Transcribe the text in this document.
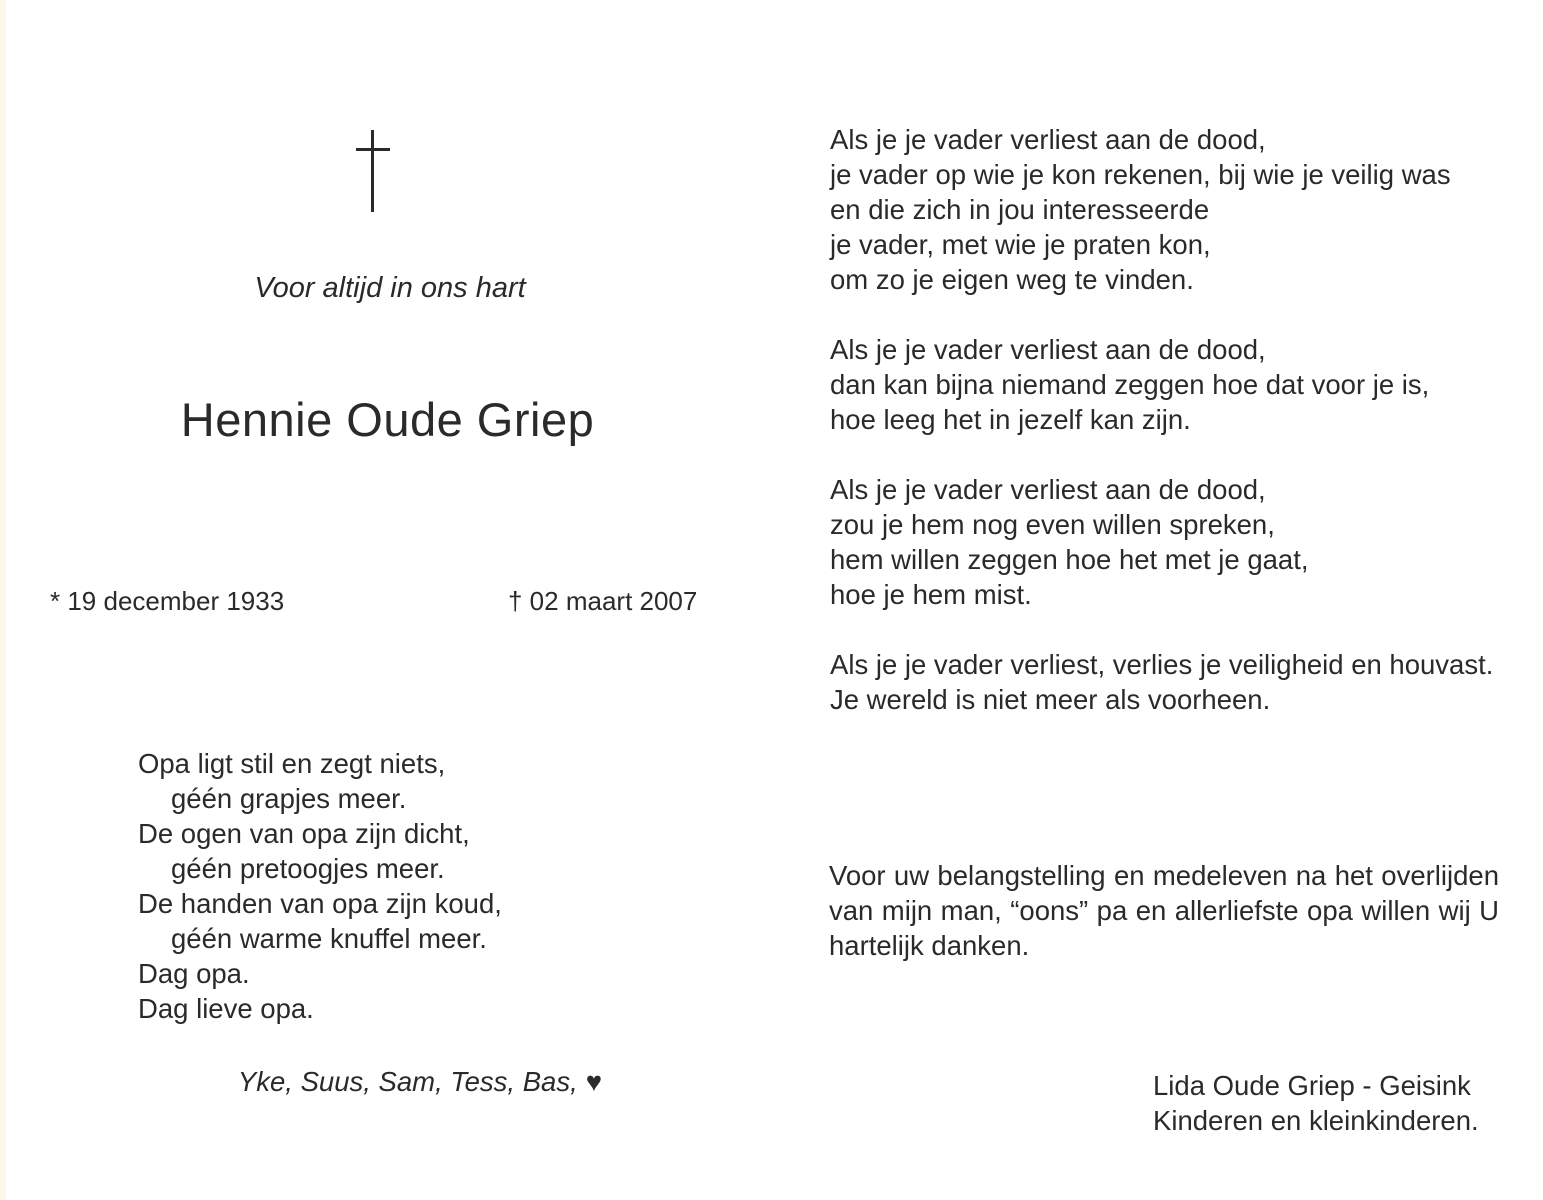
Voor altijd in ons hart
Hennie Oude Griep
* 19 december 1933	† 02 maart 2007
Opa ligt stil en zegt niets,
géén grapjes meer.
De ogen van opa zijn dicht,
géén pretoogjes meer.
De handen van opa zijn koud,
géén warme knuffel meer.
Dag opa.
Dag lieve opa.
Yke, Suus, Sam, Tess, Bas, ♥
Als je je vader verliest aan de dood,
je vader op wie je kon rekenen, bij wie je veilig was
en die zich in jou interesseerde
je vader, met wie je praten kon,
om zo je eigen weg te vinden.
Als je je vader verliest aan de dood,
dan kan bijna niemand zeggen hoe dat voor je is,
hoe leeg het in jezelf kan zijn.
Als je je vader verliest aan de dood,
zou je hem nog even willen spreken,
hem willen zeggen hoe het met je gaat,
hoe je hem mist.
Als je je vader verliest, verlies je veiligheid en houvast.
Je wereld is niet meer als voorheen.
Voor uw belangstelling en medeleven na het overlijden van mijn man, “oons” pa en allerliefste opa willen wij U hartelijk danken.
Lida Oude Griep - Geisink
Kinderen en kleinkinderen.
